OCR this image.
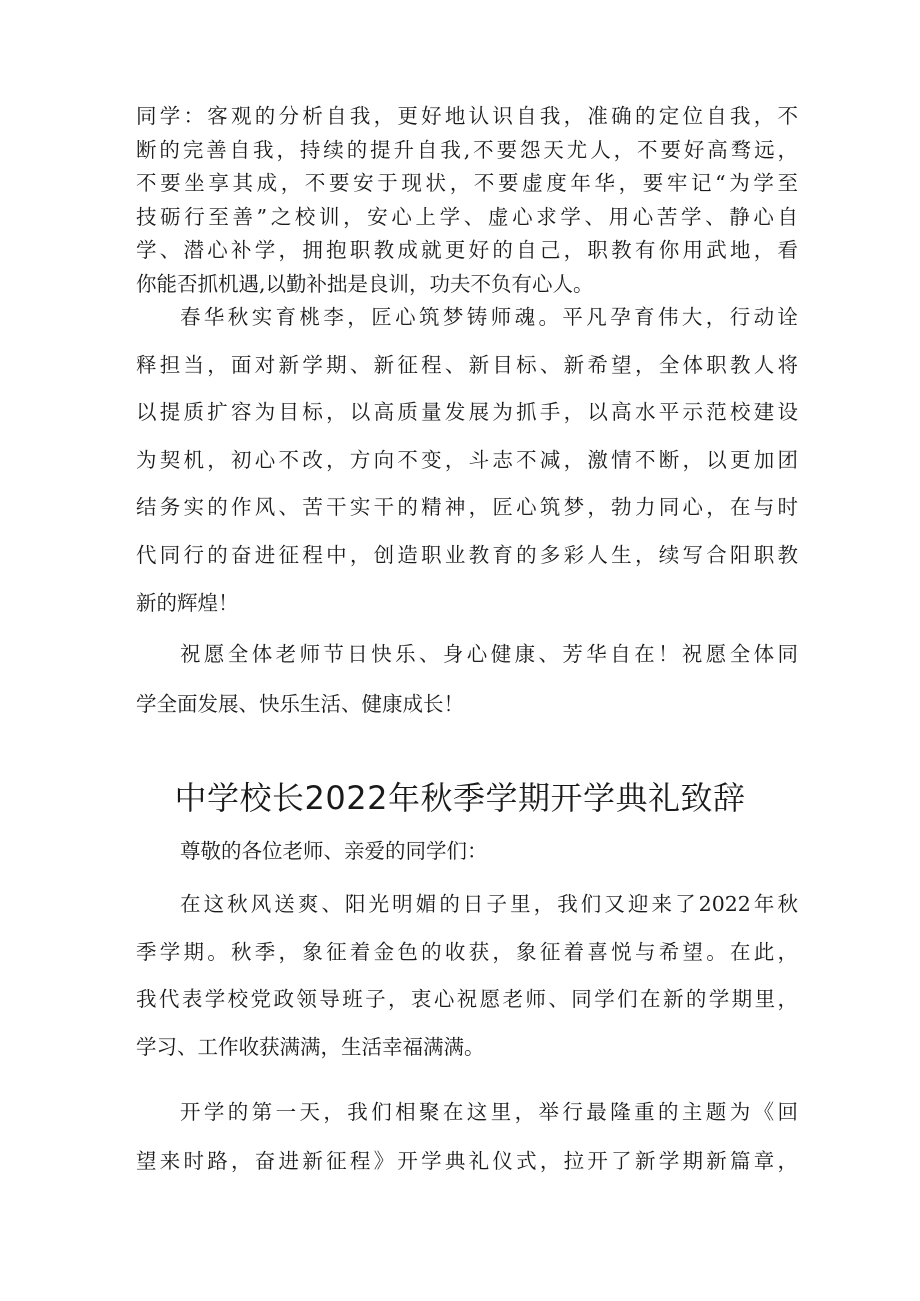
同学：客观的分析自我，更好地认识自我，准确的定位自我，不
断的完善自我，持续的提升自我,不要怨天尤人，不要好高骛远，
不要坐享其成，不要安于现状，不要虚度年华，要牢记“为学至
技砺行至善”之校训，安心上学、虚心求学、用心苦学、静心自
学、潜心补学，拥抱职教成就更好的自己，职教有你用武地，看
你能否抓机遇,以勤补拙是良训，功夫不负有心人。

春华秋实育桃李，匠心筑梦铸师魂。平凡孕育伟大，行动诠
释担当，面对新学期、新征程、新目标、新希望，全体职教人将
以提质扩容为目标，以高质量发展为抓手，以高水平示范校建设
为契机，初心不改，方向不变，斗志不减，激情不断，以更加团
结务实的作风、苦干实干的精神，匠心筑梦，勃力同心，在与时
代同行的奋进征程中，创造职业教育的多彩人生，续写合阳职教
新的辉煌！

祝愿全体老师节日快乐、身心健康、芳华自在！祝愿全体同
学全面发展、快乐生活、健康成长！

中学校长2022年秋季学期开学典礼致辞

尊敬的各位老师、亲爱的同学们：

在这秋风送爽、阳光明媚的日子里，我们又迎来了2022年秋
季学期。秋季，象征着金色的收获，象征着喜悦与希望。在此，
我代表学校党政领导班子，衷心祝愿老师、同学们在新的学期里，
学习、工作收获满满，生活幸福满满。

开学的第一天，我们相聚在这里，举行最隆重的主题为《回
望来时路，奋进新征程》开学典礼仪式，拉开了新学期新篇章，
